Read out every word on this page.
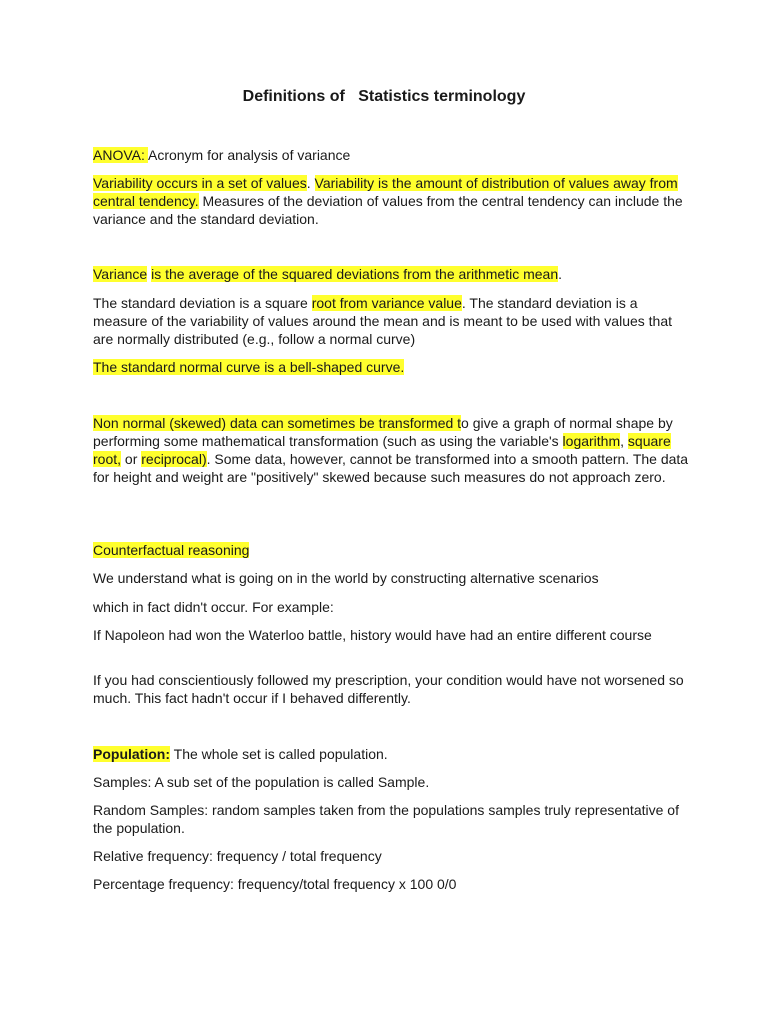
Definitions of   Statistics terminology

ANOVA: Acronym for analysis of variance

Variability occurs in a set of values. Variability is the amount of distribution of values away from central tendency. Measures of the deviation of values from the central tendency can include the variance and the standard deviation.

Variance is the average of the squared deviations from the arithmetic mean.

The standard deviation is a square root from variance value. The standard deviation is a measure of the variability of values around the mean and is meant to be used with values that are normally distributed (e.g., follow a normal curve)

The standard normal curve is a bell-shaped curve.

Non normal (skewed) data can sometimes be transformed to give a graph of normal shape by performing some mathematical transformation (such as using the variable's logarithm, square root, or reciprocal). Some data, however, cannot be transformed into a smooth pattern. The data for height and weight are "positively" skewed because such measures do not approach zero.

Counterfactual reasoning

We understand what is going on in the world by constructing alternative scenarios

which in fact didn't occur. For example:

If Napoleon had won the Waterloo battle, history would have had an entire different course

If you had conscientiously followed my prescription, your condition would have not worsened so much. This fact hadn't occur if I behaved differently.

Population: The whole set is called population.

Samples: A sub set of the population is called Sample.

Random Samples: random samples taken from the populations samples truly representative of the population.

Relative frequency: frequency / total frequency

Percentage frequency: frequency/total frequency x 100 0/0
